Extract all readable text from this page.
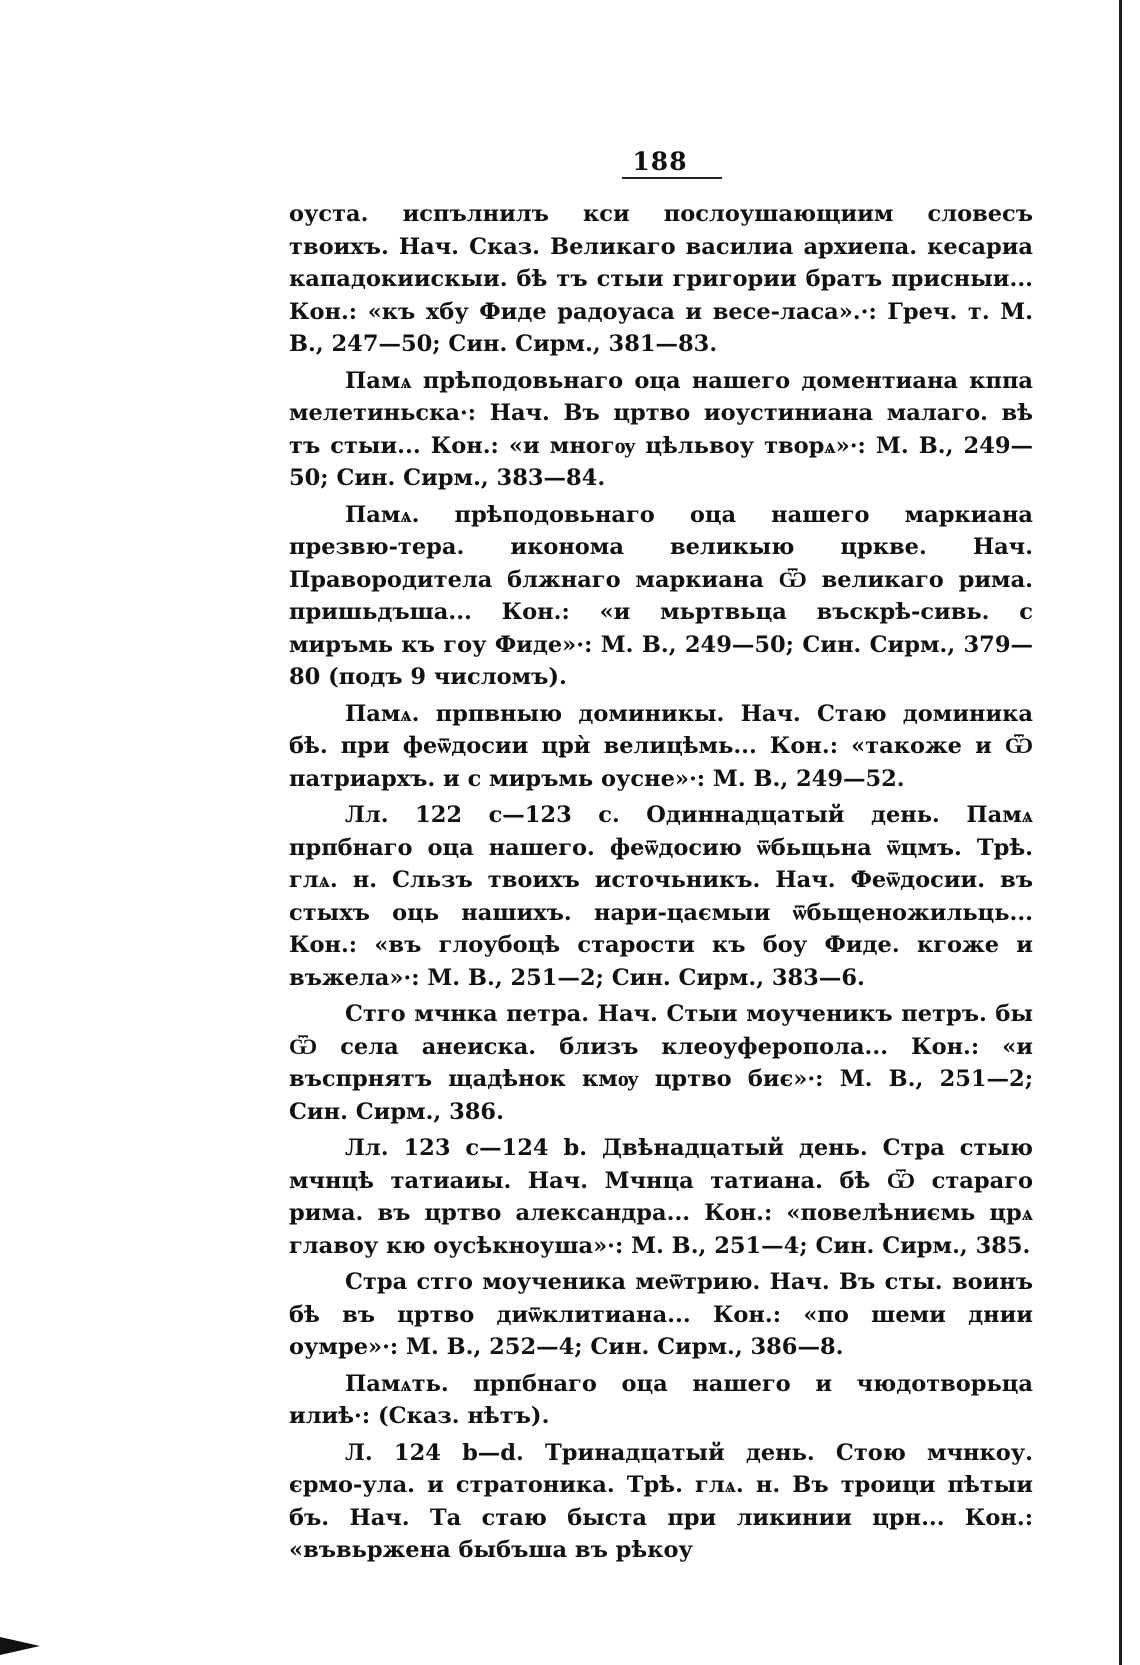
188

оуста. испълнилъ кси послоушающиим словесъ твоихъ. Нач. Сказ. Великаго василиа архиепа. кесариа кападокиискыи. бѣ тъ стыи григории братъ присныи... Кон.: «къ хбу Фиде радоуаса и весе-ласа».·: Греч. т. М. В., 247—50; Син. Сирм., 381—83.

Памѧ прѣподовьнаго оца нашего доментиана кппа мелетиньска·: Нач. Въ цртво иоустиниана малаго. вѣ тъ стыи... Кон.: «и многѹ цѣльвоу творѧ»·: М. В., 249—50; Син. Сирм., 383—84.

Памѧ. прѣподовьнаго оца нашего маркиана презвю-тера. иконома великыю цркве. Нач. Правородитела блжнаго маркиана Ѿ великаго рима. пришьдъша... Кон.: «и мьртвьца въскрѣ-сивь. с миръмь къ гоу Фиде»·: М. В., 249—50; Син. Сирм., 379—80 (подъ 9 числомъ).

Памѧ. прпвныю доминикы. Нач. Стаю доминика бѣ. при феѿдосии црѝ велицѣмь... Кон.: «такоже и Ѿ патриархъ. и с миръмь оусне»·: М. В., 249—52.

Лл. 122 с—123 с. Одиннадцатый день. Памѧ прпбнаго оца нашего. феѿдосию ѿбьщьна ѿцмъ. Трѣ. глѧ. н. Сльзъ твоихъ источьникъ. Нач. Феѿдосии. въ стыхъ оць нашихъ. нари-цаємыи ѿбьщеножильць... Кон.: «въ глоубоцѣ старости къ боу Фиде. кгоже и въжела»·: М. В., 251—2; Син. Сирм., 383—6.

Стго мчнка петра. Нач. Стыи моученикъ петръ. бы Ѿ села анеиска. близъ клеоуферопола... Кон.: «и въспрнятъ щадѣнок кмѹ цртво биє»·: М. В., 251—2; Син. Сирм., 386.

Лл. 123 с—124 b. Двѣнадцатый день. Стра стыю мчнцѣ татиаиы. Нач. Мчнца татиана. бѣ Ѿ стараго рима. въ цртво александра... Кон.: «повелѣниємь црѧ главоу кю оусѣкноуша»·: М. В., 251—4; Син. Сирм., 385.

Стра стго моученика меѿтрию. Нач. Въ сты. воинъ бѣ въ цртво диѿклитиана... Кон.: «по шеми днии оумре»·: М. В., 252—4; Син. Сирм., 386—8.

Памѧть. прпбнаго оца нашего и чюдотворьца илиѣ·: (Сказ. нѣтъ).

Л. 124 b—d. Тринадцатый день. Стою мчнкоу. єрмо-ула. и стратоника. Трѣ. глѧ. н. Въ троици пѣтыи бъ. Нач. Та стаю быста при ликинии црн... Кон.: «въвьржена быбъша въ рѣкоу
